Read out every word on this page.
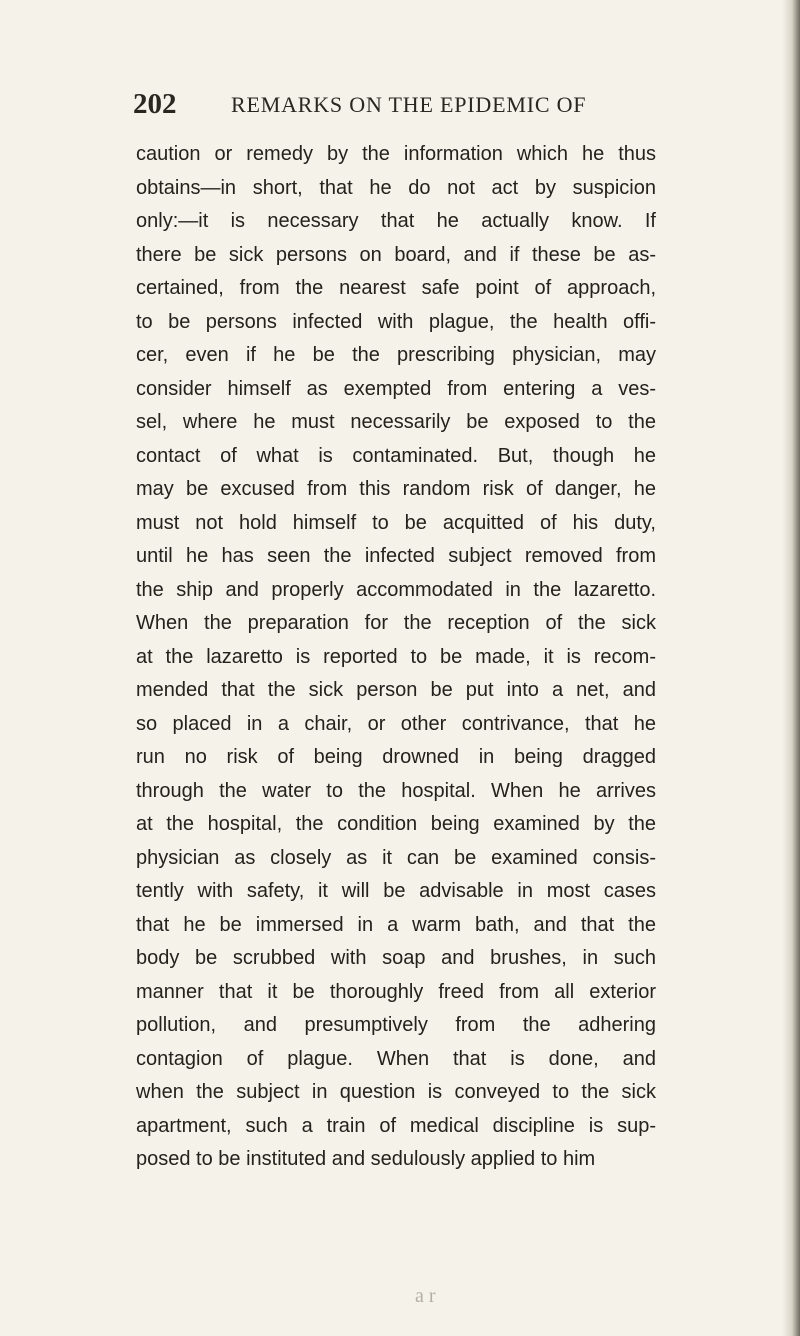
202 REMARKS ON THE EPIDEMIC OF
caution or remedy by the information which he thus
obtains—in short, that he do not act by suspicion
only:—it is necessary that he actually know. If
there be sick persons on board, and if these be as-
certained, from the nearest safe point of approach,
to be persons infected with plague, the health offi-
cer, even if he be the prescribing physician, may
consider himself as exempted from entering a ves-
sel, where he must necessarily be exposed to the
contact of what is contaminated. But, though he
may be excused from this random risk of danger, he
must not hold himself to be acquitted of his duty,
until he has seen the infected subject removed from
the ship and properly accommodated in the lazaretto.
When the preparation for the reception of the sick
at the lazaretto is reported to be made, it is recom-
mended that the sick person be put into a net, and
so placed in a chair, or other contrivance, that he
run no risk of being drowned in being dragged
through the water to the hospital. When he arrives
at the hospital, the condition being examined by the
physician as closely as it can be examined consis-
tently with safety, it will be advisable in most cases
that he be immersed in a warm bath, and that the
body be scrubbed with soap and brushes, in such
manner that it be thoroughly freed from all exterior
pollution, and presumptively from the adhering
contagion of plague. When that is done, and
when the subject in question is conveyed to the sick
apartment, such a train of medical discipline is sup-
posed to be instituted and sedulously applied to him
a r
